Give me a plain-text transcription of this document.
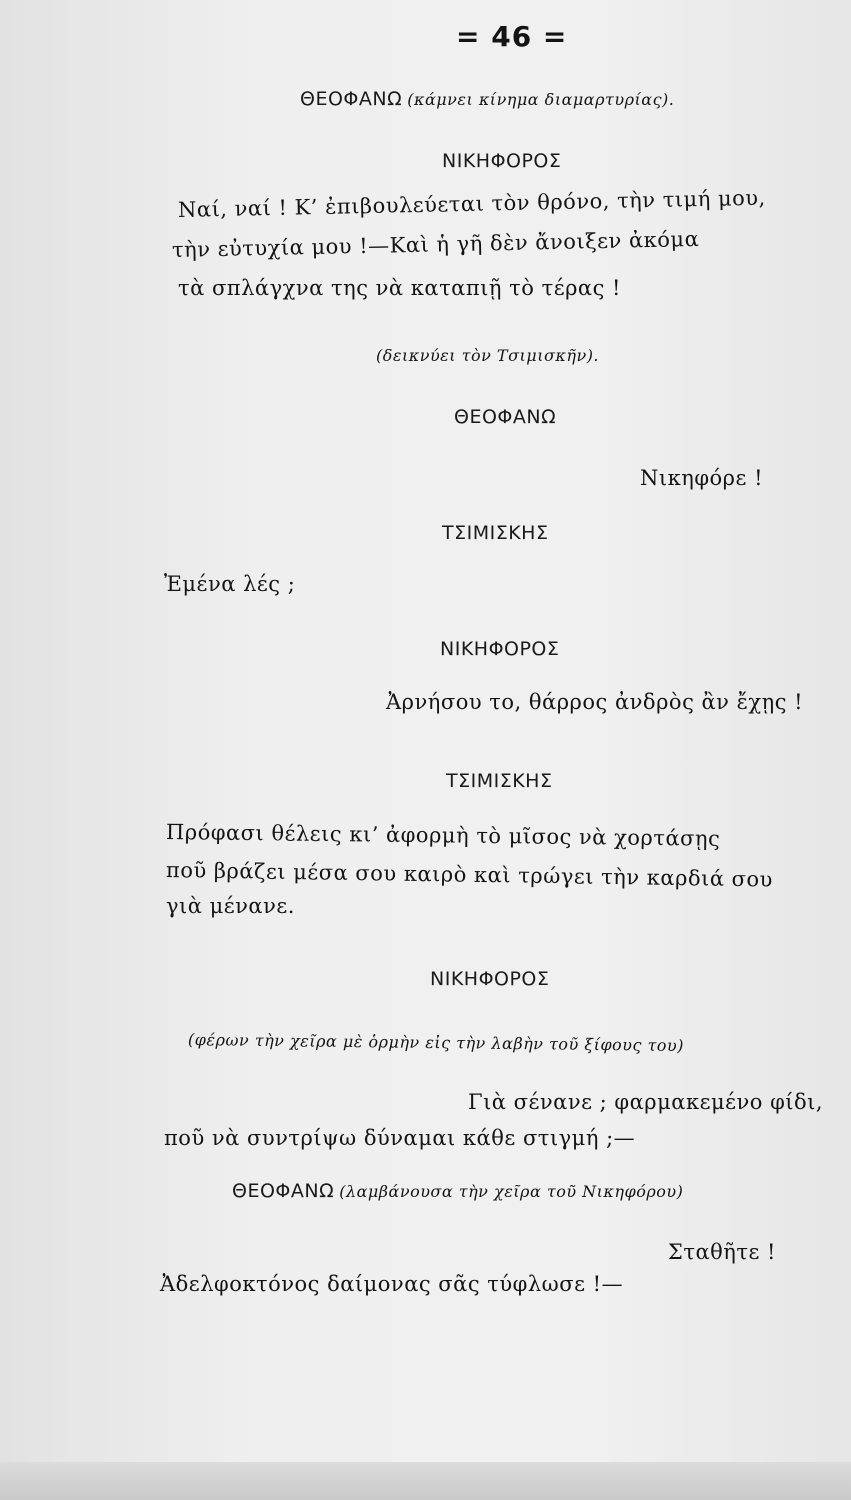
= 46 =
ΘΕΟΦΑΝΩ (κάμνει κίνημα διαμαρτυρίας).
ΝΙΚΗΦΟΡΟΣ
Ναί, ναί ! Κ’ ἐπιβουλεύεται τὸν θρόνο, τὴν τιμή μου,
τὴν εὐτυχία μου !—Καὶ ἡ γῆ δὲν ἄνοιξεν ἀκόμα
τὰ σπλάγχνα της νὰ καταπιῇ τὸ τέρας !
(δεικνύει τὸν Τσιμισκῆν).
ΘΕΟΦΑΝΩ
Νικηφόρε !
ΤΣΙΜΙΣΚΗΣ
Ἐμένα λές ;
ΝΙΚΗΦΟΡΟΣ
Ἀρνήσου το, θάρρος ἀνδρὸς ἂν ἔχῃς !
ΤΣΙΜΙΣΚΗΣ
Πρόφασι θέλεις κι’ ἀφορμὴ τὸ μῖσος νὰ χορτάσῃς
ποῦ βράζει μέσα σου καιρὸ καὶ τρώγει τὴν καρδιά σου
γιὰ μένανε.
ΝΙΚΗΦΟΡΟΣ
(φέρων τὴν χεῖρα μὲ ὁρμὴν εἰς τὴν λαβὴν τοῦ ξίφους του)
Γιὰ σένανε ; φαρμακεμένο φίδι,
ποῦ νὰ συντρίψω δύναμαι κάθε στιγμή ;—
ΘΕΟΦΑΝΩ (λαμβάνουσα τὴν χεῖρα τοῦ Νικηφόρου)
Σταθῆτε !
Ἀδελφοκτόνος δαίμονας σᾶς τύφλωσε !—
